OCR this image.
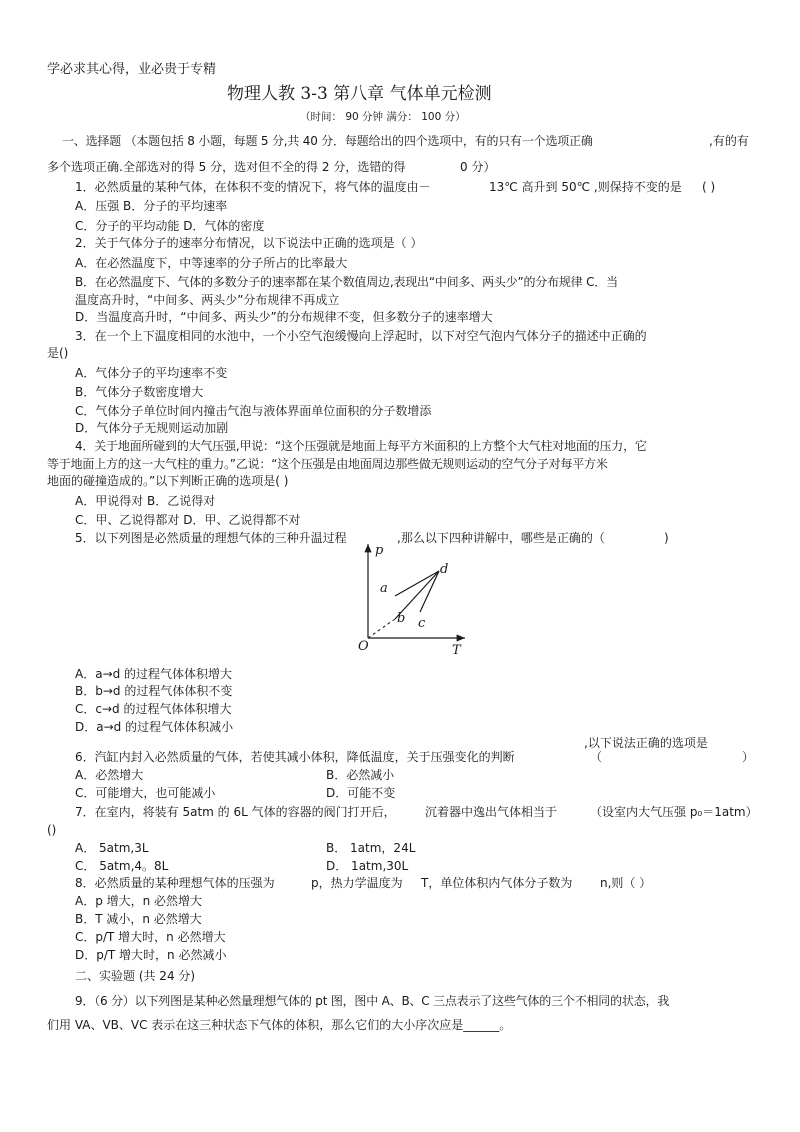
学必求其心得，业必贵于专精
物理人教 3-3 第八章 气体单元检测
（时间： 90 分钟 满分： 100 分）
一、选择题 （本题包括 8 小题，每题 5 分,共 40 分．每题给出的四个选项中，有的只有一个选项正确	,有的有
多个选项正确.全部选对的得 5 分，选对但不全的得 2 分，选错的得	0 分）
1．必然质量的某种气体，在体积不变的情况下，将气体的温度由－	13℃ 高升到 50℃ ,则保持不变的是 ( )
A．压强 B．分子的平均速率
C．分子的平均动能 D．气体的密度
2．关于气体分子的速率分布情况，以下说法中正确的选项是（ ）
A．在必然温度下，中等速率的分子所占的比率最大
B．在必然温度下、气体的多数分子的速率都在某个数值周边,表现出“中间多、两头少”的分布规律 C．当
温度高升时，“中间多、两头少”分布规律不再成立
D．当温度高升时，“中间多、两头少”的分布规律不变，但多数分子的速率增大
3．在一个上下温度相同的水池中，一个小空气泡缓慢向上浮起时，以下对空气泡内气体分子的描述中正确的
是()
A．气体分子的平均速率不变
B．气体分子数密度增大
C．气体分子单位时间内撞击气泡与液体界面单位面积的分子数增添
D．气体分子无规则运动加剧
4．关于地面所碰到的大气压强,甲说：“这个压强就是地面上每平方米面积的上方整个大气柱对地面的压力，它
等于地面上方的这一大气柱的重力。”乙说：“这个压强是由地面周边那些做无规则运动的空气分子对每平方米
地面的碰撞造成的。”以下判断正确的选项是( )
A．甲说得对 B．乙说得对
C．甲、乙说得都对 D．甲、乙说得都不对
5．以下列图是必然质量的理想气体的三种升温过程	,那么以下四种讲解中，哪些是正确的（	)
p
T
O
a
b c
d
A．a→d 的过程气体体积增大
B．b→d 的过程气体体积不变
C．c→d 的过程气体体积增大
D．a→d 的过程气体体积减小
,以下说法正确的选项是
6．汽缸内封入必然质量的气体，若使其减小体积，降低温度，关于压强变化的判断	（	）
A．必然增大	B．必然减小
C．可能增大，也可能减小	D．可能不变
7．在室内，将装有 5atm 的 6L 气体的容器的阀门打开后， 沉着器中逸出气体相当于	（设室内大气压强 p₀＝1atm）
()
A． 5atm,3L	B． 1atm，24L
C． 5atm,4。8L	D． 1atm,30L
8．必然质量的某种理想气体的压强为	p，热力学温度为 T，单位体积内气体分子数为 n,则（ ）
A．p 增大，n 必然增大
B．T 减小，n 必然增大
C．p/T 增大时，n 必然增大
D．p/T 增大时，n 必然减小
二、实验题 (共 24 分)
9．（6 分）以下列图是某种必然量理想气体的 pt 图，图中 A、B、C 三点表示了这些气体的三个不相同的状态，我
们用 VA、VB、VC 表示在这三种状态下气体的体积，那么它们的大小序次应是______。
